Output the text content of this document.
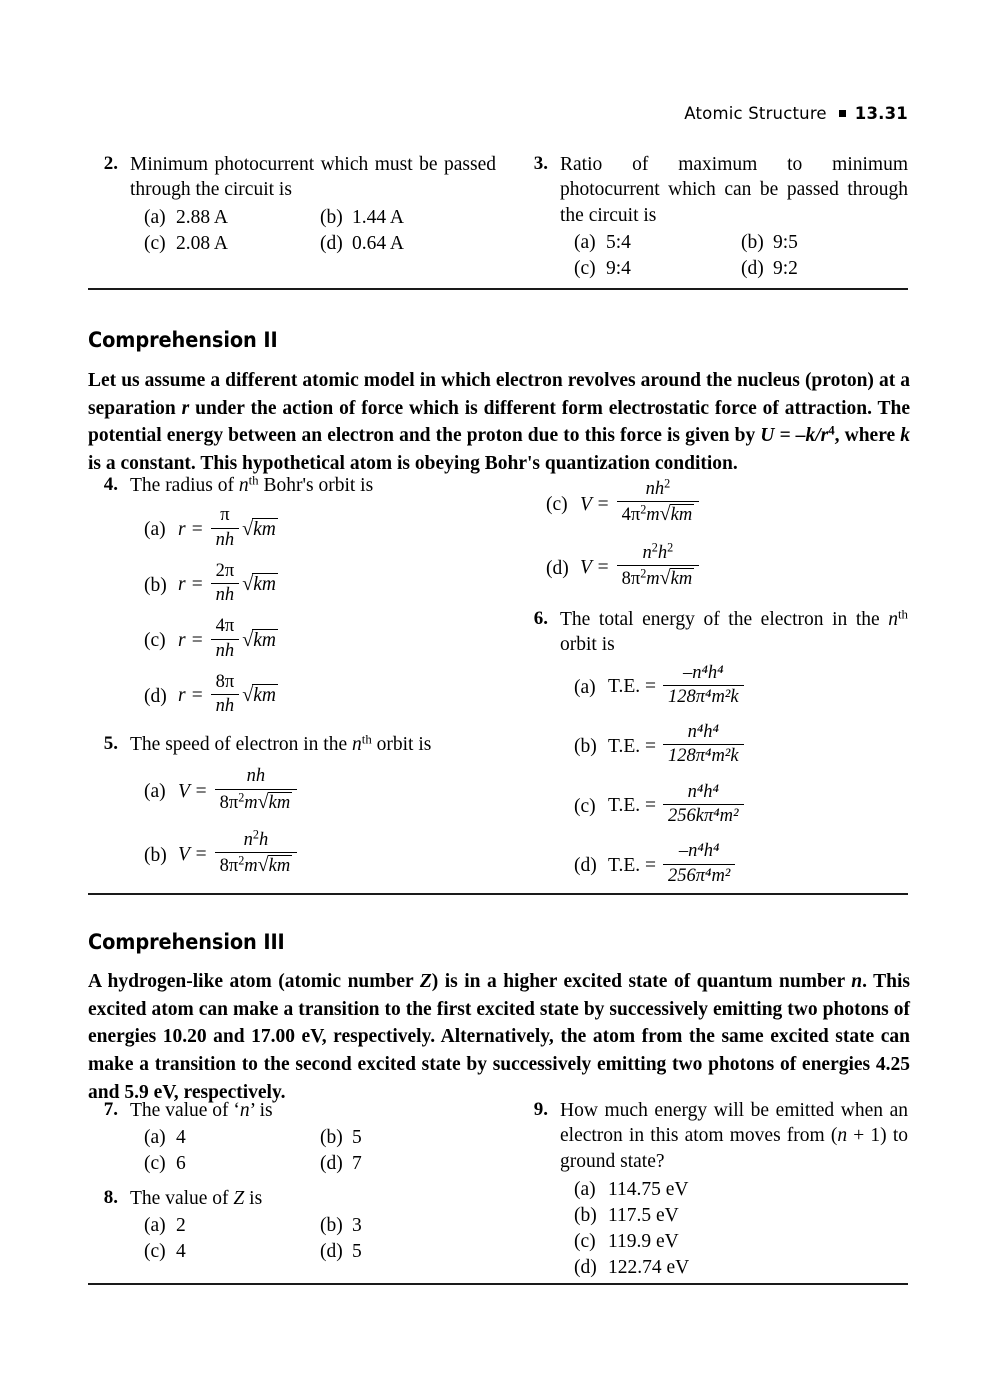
Atomic Structure 13.31
2. Minimum photocurrent which must be passed through the circuit is
(a) 2.88 A	(b) 1.44 A
(c) 2.08 A	(d) 0.64 A
3. Ratio of maximum to minimum photocurrent which can be passed through the circuit is
(a) 5:4	(b) 9:5
(c) 9:4	(d) 9:2
Comprehension II
Let us assume a different atomic model in which electron revolves around the nucleus (proton) at a separation r under the action of force which is different form electrostatic force of attraction. The potential energy between an electron and the proton due to this force is given by $U = -k/r^4$, where k is a constant. This hypothetical atom is obeying Bohr's quantization condition.
4. The radius of $n^{th}$ Bohr's orbit is
(a) $r = \frac{\pi}{nh} √km$
(b) $r = \frac{2\pi}{nh} √km$
(c) $r = \frac{4\pi}{nh} √km$
(d) $r = \frac{8\pi}{nh} √km$
5. The speed of electron in the $n^{th}$ orbit is
(a) $V = \frac{nh}{8\pi^2m√km}$
(b) $V = \frac{n^2h}{8\pi^2m√km}$
(c) $V = \frac{nh^2}{4\pi^2m√km}$
(d) $V = \frac{n^2h^2}{8\pi^2m√km}$
6. The total energy of the electron in the $n^{th}$ orbit is
(a) T.E. = $\frac{\text{–n⁴h⁴}}{\text{128π⁴m²k}}$
(b) T.E. = $\frac{\text{n⁴h⁴}}{\text{128π⁴m²k}}$
(c) T.E. = $\frac{\text{n⁴h⁴}}{\text{256kπ⁴m²}}$
(d) T.E. = $\frac{\text{–n⁴h⁴}}{\text{256π⁴m²}}$
Comprehension III
A hydrogen-like atom (atomic number Z) is in a higher excited state of quantum number n. This excited atom can make a transition to the first excited state by successively emitting two photons of energies 10.20 and 17.00 eV, respectively. Alternatively, the atom from the same excited state can make a transition to the second excited state by successively emitting two photons of energies 4.25 and 5.9 eV, respectively.
7. The value of ‘n’ is
(a) 4	(b) 5
(c) 6	(d) 7
8. The value of Z is
(a) 2	(b) 3
(c) 4	(d) 5
9. How much energy will be emitted when an electron in this atom moves from (n + 1) to ground state?
(a) 114.75 eV
(b) 117.5 eV
(c) 119.9 eV
(d) 122.74 eV
